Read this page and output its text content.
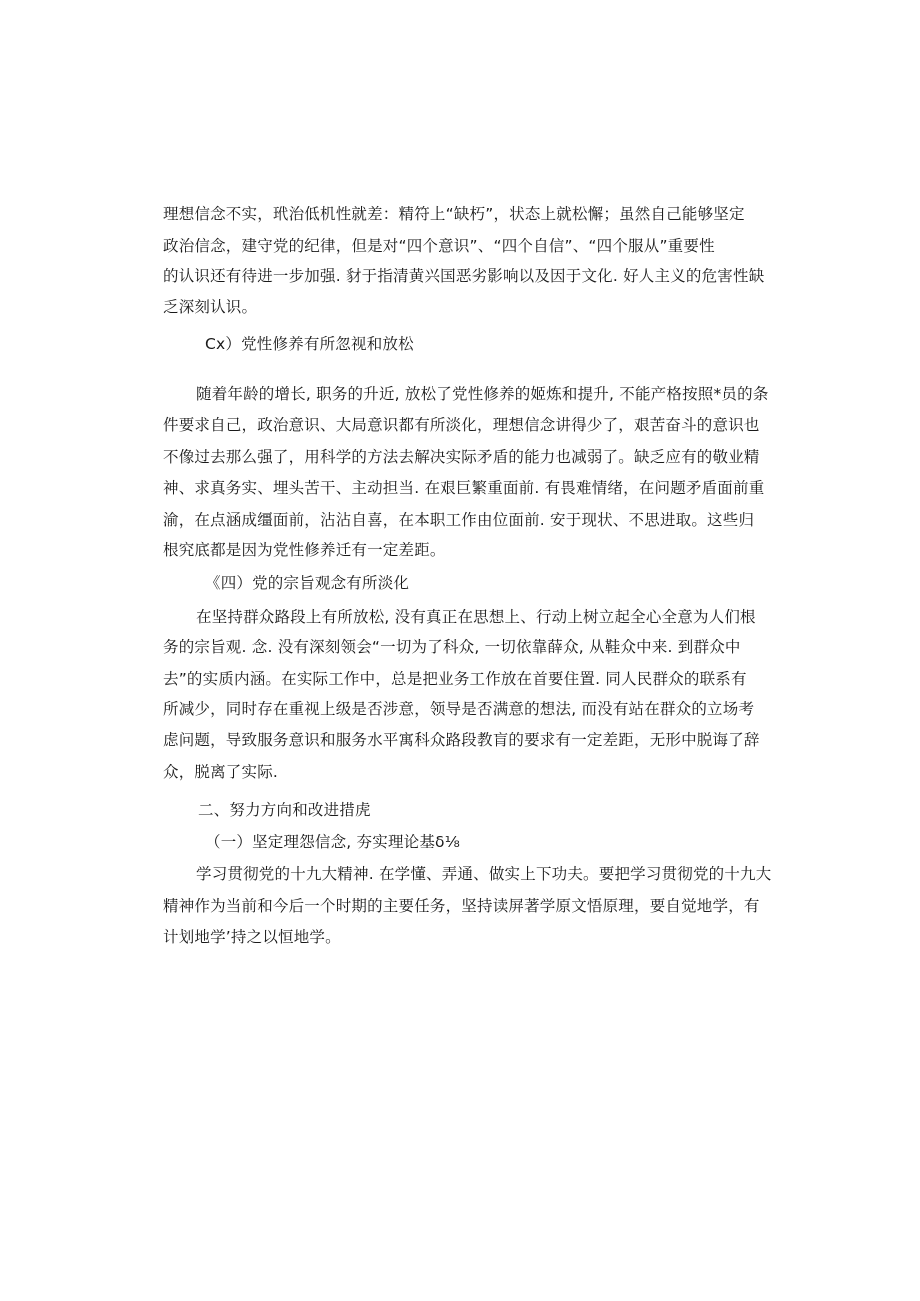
理想信念不实，玳治低机性就差：精符上“缺朽”，状态上就松懈；虽然自己能够坚定
政治信念，建守党的纪律，但是对“四个意识”、“四个自信”、“四个服从”重要性
的认识还有待进一步加强. 豺于指清黄兴国恶劣影响以及因于文化. 好人主义的危害性缺
乏深刻认识。
Cx）党性修养有所忽视和放松
随着年龄的增长, 职务的升近, 放松了党性修养的姬炼和提升, 不能产格按照*员的条
件要求自己，政治意识、大局意识都有所淡化，理想信念讲得少了，艰苦奋斗的意识也
不像过去那么强了，用科学的方法去解决实际矛盾的能力也减弱了。缺乏应有的敬业精
神、求真务实、埋头苦干、主动担当. 在艰巨繁重面前. 有畏难情绪，在问题矛盾面前重
渝，在点涵成缰面前，沾沾自喜，在本职工作由位面前. 安于现状、不思进取。这些归
根究底都是因为党性修养迁有一定差距。
《四）党的宗旨观念有所淡化
在坚持群众路段上有所放松, 没有真正在思想上、行动上树立起全心全意为人们根
务的宗旨观. 念. 没有深刻领会“一切为了科众, 一切依靠薛众, 从鞋众中来. 到群众中
去”的实质内涵。在实际工作中，总是把业务工作放在首要住置. 同人民群众的联系有
所减少，同时存在重视上级是否涉意，领导是否满意的想法, 而没有站在群众的立场考
虑问题，导致服务意识和服务水平寓科众路段教肓的要求有一定差距，无形中脱诲了辞
众，脱离了实际.
二、努力方向和改进措虎
（一）坚定理怨信念, 夯实理论基δ⅛
学习贯彻党的十九大精神. 在学懂、弄通、做实上下功夫。要把学习贯彻党的十九大
精神作为当前和今后一个时期的主要任务，坚持读屏著学原文悟原理，要自觉地学，有
计划地学’持之以恒地学。
